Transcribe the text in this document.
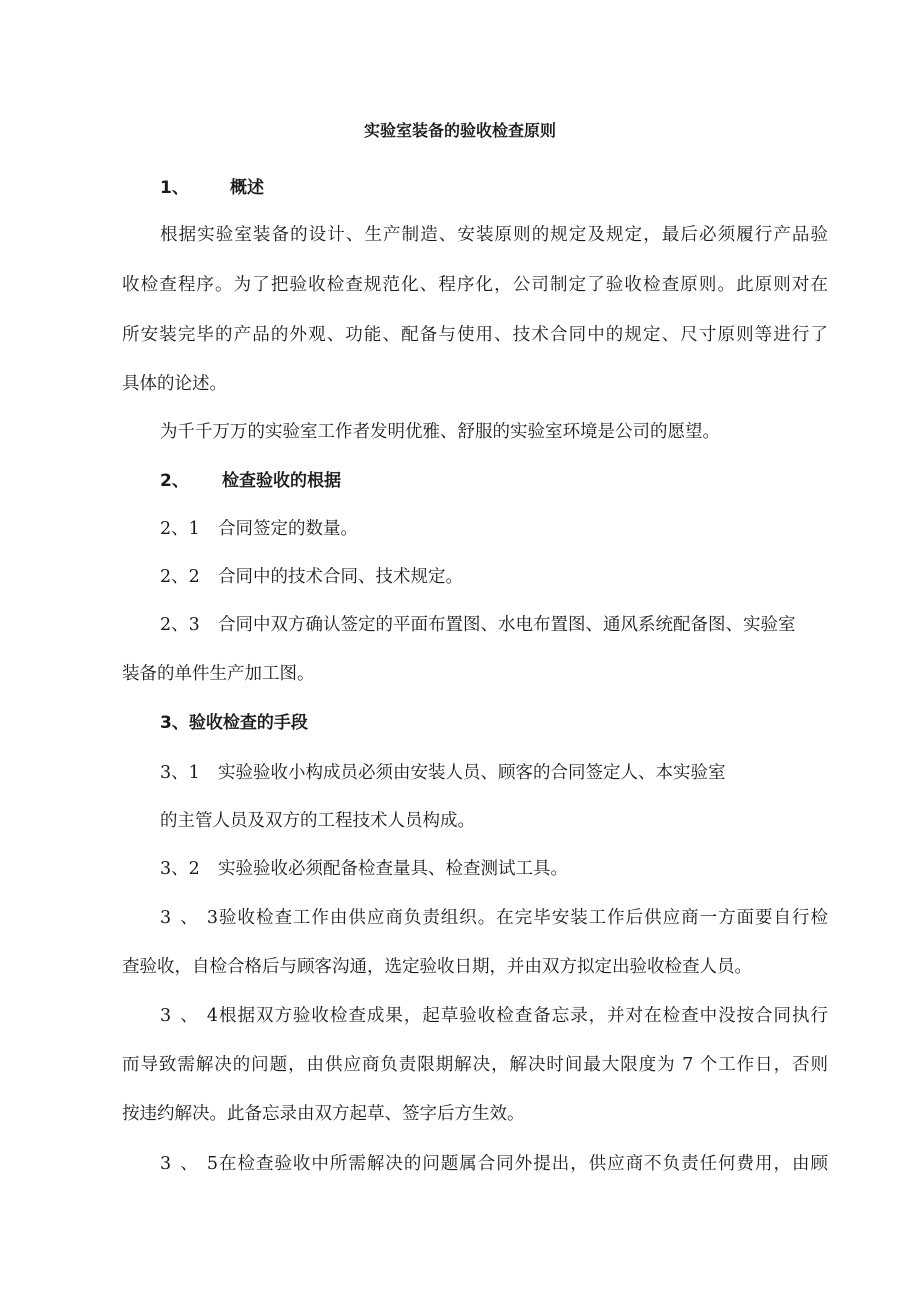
实验室装备的验收检查原则
1、 概述
根据实验室装备的设计、生产制造、安装原则的规定及规定，最后必须履行产品验
收检查程序。为了把验收检查规范化、程序化，公司制定了验收检查原则。此原则对在
所安装完毕的产品的外观、功能、配备与使用、技术合同中的规定、尺寸原则等进行了
具体的论述。
为千千万万的实验室工作者发明优雅、舒服的实验室环境是公司的愿望。
2、 检查验收的根据
2、1 合同签定的数量。
2、2 合同中的技术合同、技术规定。
2、3 合同中双方确认签定的平面布置图、水电布置图、通风系统配备图、实验室
装备的单件生产加工图。
3、验收检查的手段
3、1 实验验收小构成员必须由安装人员、顾客的合同签定人、本实验室
的主管人员及双方的工程技术人员构成。
3、2 实验验收必须配备检查量具、检查测试工具。
3、3验收检查工作由供应商负责组织。在完毕安装工作后供应商一方面要自行检
查验收，自检合格后与顾客沟通，选定验收日期，并由双方拟定出验收检查人员。
3、4根据双方验收检查成果，起草验收检查备忘录，并对在检查中没按合同执行
而导致需解决的问题，由供应商负责限期解决，解决时间最大限度为 7 个工作日，否则
按违约解决。此备忘录由双方起草、签字后方生效。
3、5在检查验收中所需解决的问题属合同外提出，供应商不负责任何费用，由顾
